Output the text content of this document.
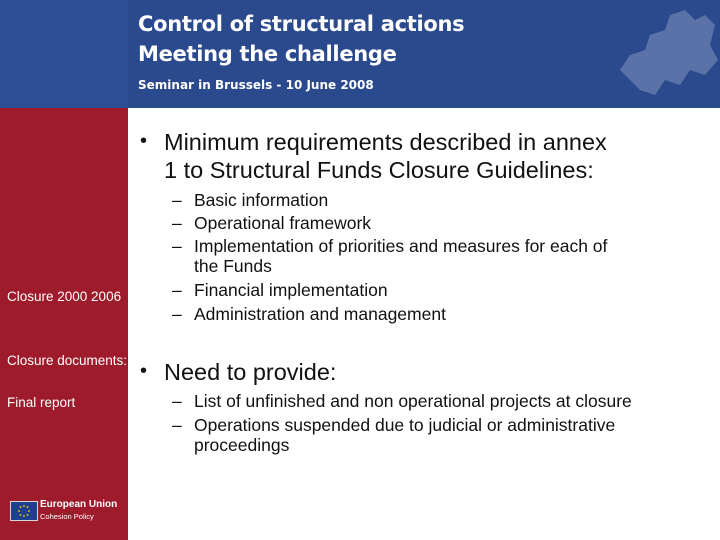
Control of structural actions
Meeting the challenge
Seminar in Brussels - 10 June 2008
Closure 2000 2006
Closure documents:
Final report
European Union
Cohesion Policy
• Minimum requirements described in annex
1 to Structural Funds Closure Guidelines:
– Basic information
– Operational framework
– Implementation of priorities and measures for each of
the Funds
– Financial implementation
– Administration and management
• Need to provide:
– List of unfinished and non operational projects at closure
– Operations suspended due to judicial or administrative
proceedings
